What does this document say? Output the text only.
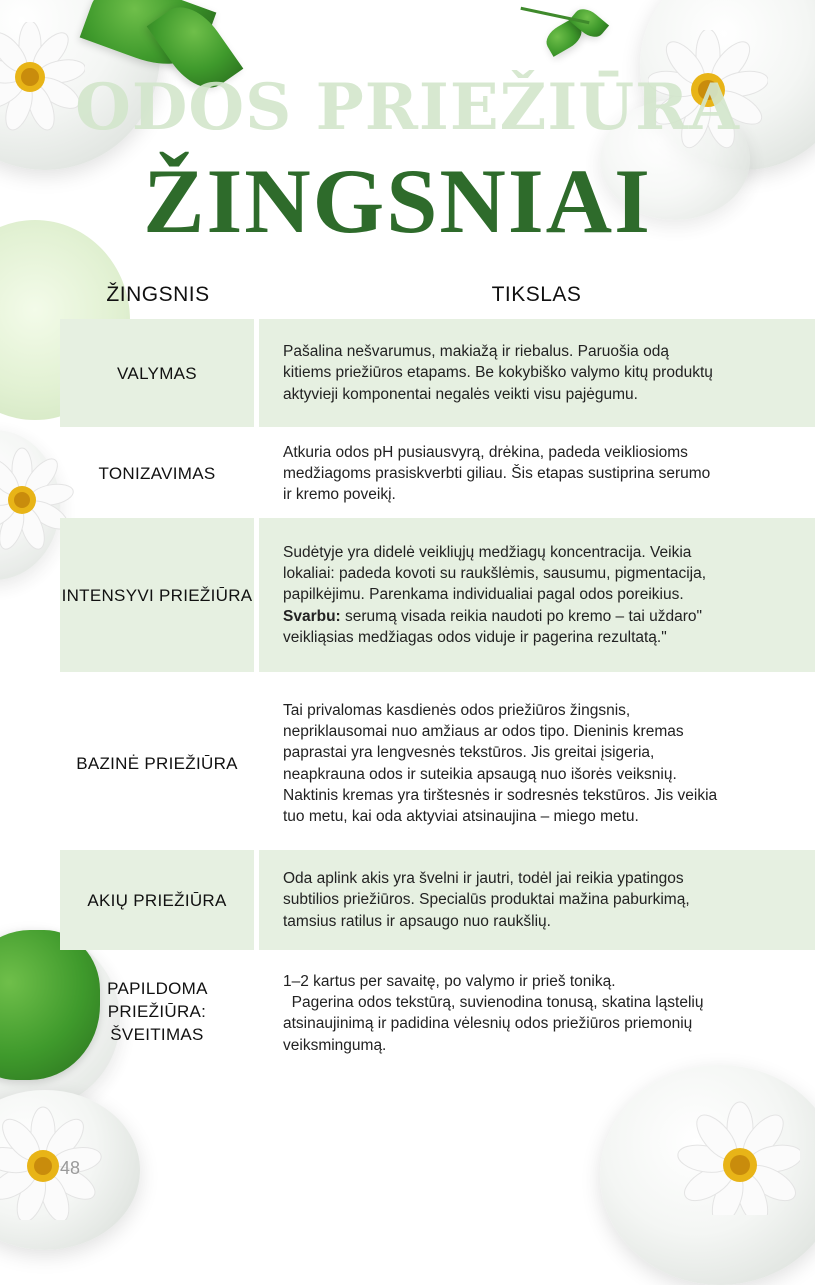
ODOS PRIEŽIŪRA
ŽINGSNIAI
ŽINGSNIS	TIKSLAS
VALYMAS
Pašalina nešvarumus, makiažą ir riebalus. Paruošia odą
kitiems priežiūros etapams. Be kokybiško valymo kitų produktų
aktyvieji komponentai negalės veikti visu pajėgumu.
TONIZAVIMAS
Atkuria odos pH pusiausvyrą, drėkina, padeda veikliosioms
medžiagoms prasiskverbti giliau. Šis etapas sustiprina serumo
ir kremo poveikį.
INTENSYVI PRIEŽIŪRA
Sudėtyje yra didelė veikliųjų medžiagų koncentracija. Veikia
lokaliai: padeda kovoti su raukšlėmis, sausumu, pigmentacija,
papilkėjimu. Parenkama individualiai pagal odos poreikius.
Svarbu: serumą visada reikia naudoti po kremo – tai uždaro"
veikliąsias medžiagas odos viduje ir pagerina rezultatą."
BAZINĖ PRIEŽIŪRA
Tai privalomas kasdienės odos priežiūros žingsnis,
nepriklausomai nuo amžiaus ar odos tipo. Dieninis kremas
paprastai yra lengvesnės tekstūros. Jis greitai įsigeria,
neapkrauna odos ir suteikia apsaugą nuo išorės veiksnių.
Naktinis kremas yra tirštesnės ir sodresnės tekstūros. Jis veikia
tuo metu, kai oda aktyviai atsinaujina – miego metu.
AKIŲ PRIEŽIŪRA
Oda aplink akis yra švelni ir jautri, todėl jai reikia ypatingos
subtilios priežiūros. Specialūs produktai mažina paburkimą,
tamsius ratilus ir apsaugo nuo raukšlių.
PAPILDOMA PRIEŽIŪRA: ŠVEITIMAS
1–2 kartus per savaitę, po valymo ir prieš toniką.
Pagerina odos tekstūrą, suvienodina tonusą, skatina ląstelių
atsinaujinimą ir padidina vėlesnių odos priežiūros priemonių
veiksmingumą.
48
